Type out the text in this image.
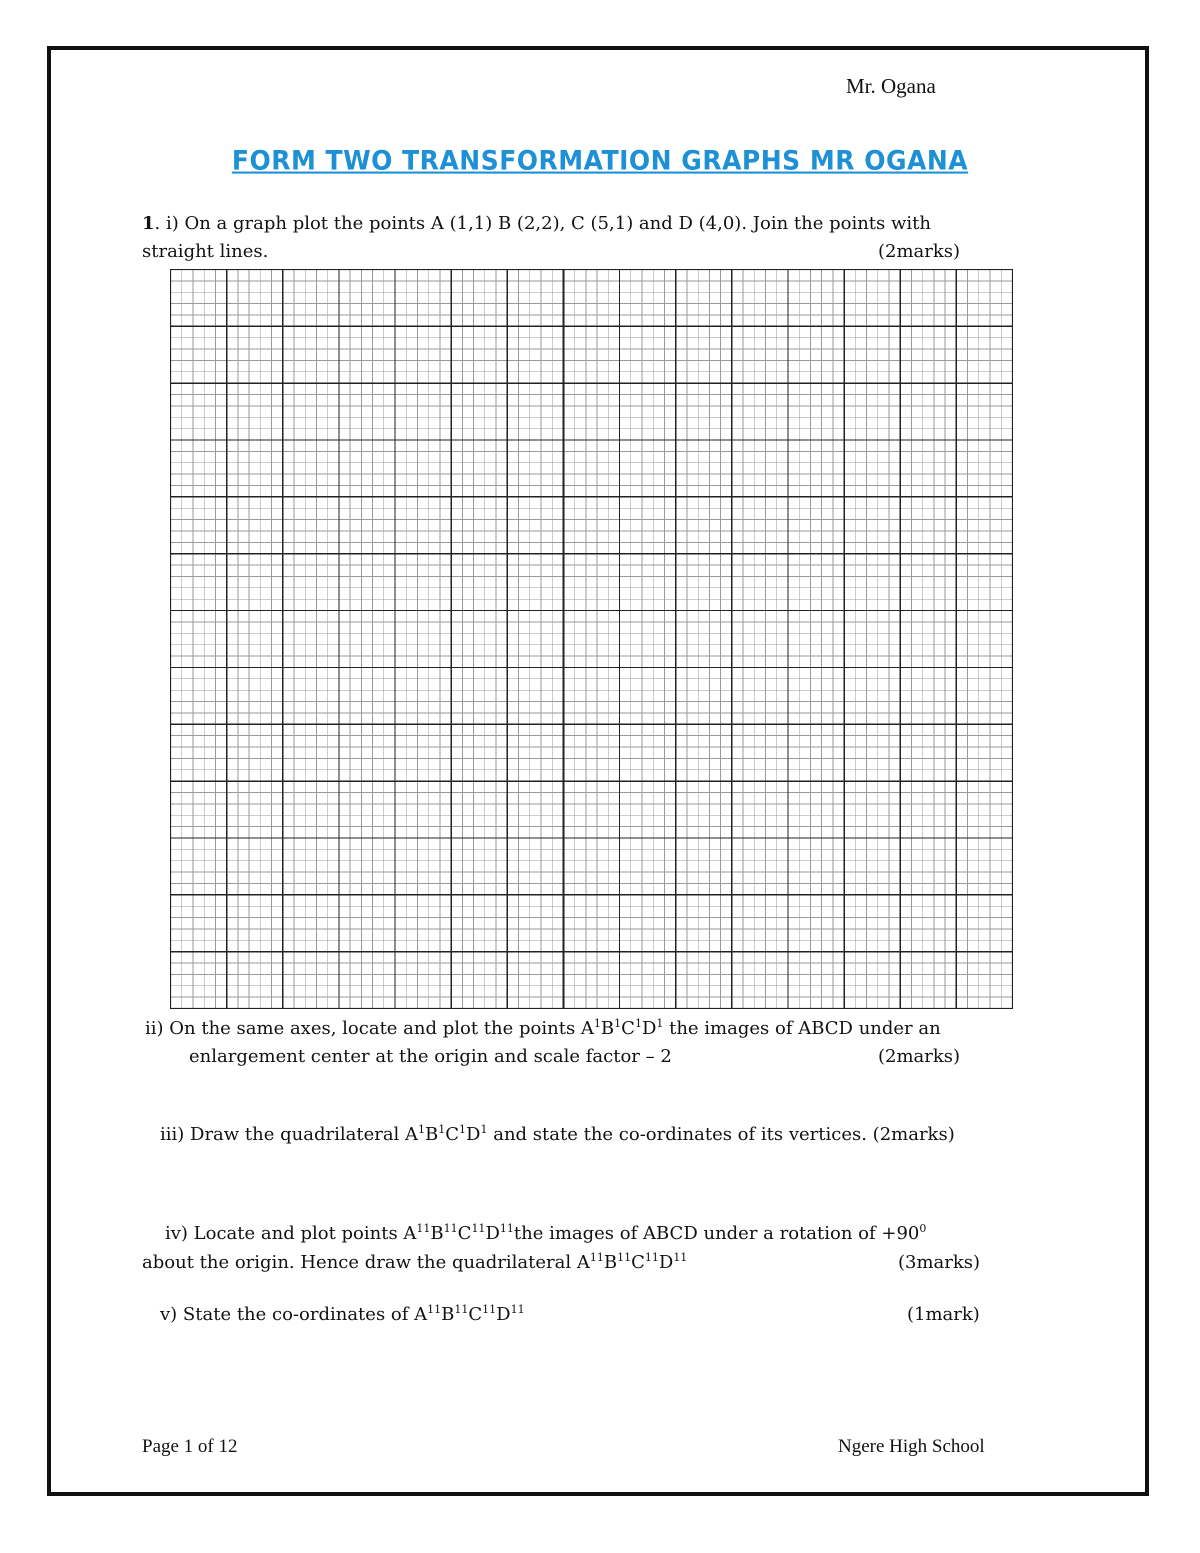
Mr. Ogana
FORM TWO TRANSFORMATION GRAPHS MR OGANA
1. i) On a graph plot the points A (1,1) B (2,2), C (5,1) and D (4,0). Join the points with
straight lines.	(2marks)
ii) On the same axes, locate and plot the points $A^1B^1C^1D^1$ the images of ABCD under an
enlargement center at the origin and scale factor – 2	(2marks)
iii) Draw the quadrilateral $A^1B^1C^1D^1$ and state the co-ordinates of its vertices. (2marks)
iv) Locate and plot points $A^{11}B^{11}C^{11}D^{11}the$ images of ABCD under a rotation of $+90^0$
about the origin. Hence draw the quadrilateral $A^{11}B^{11}C^{11}D^{11}$	(3marks)
v) State the co-ordinates of $A^{11}B^{11}C^{11}D^{11}$	(1mark)
Page 1 of 12	Ngere High School
